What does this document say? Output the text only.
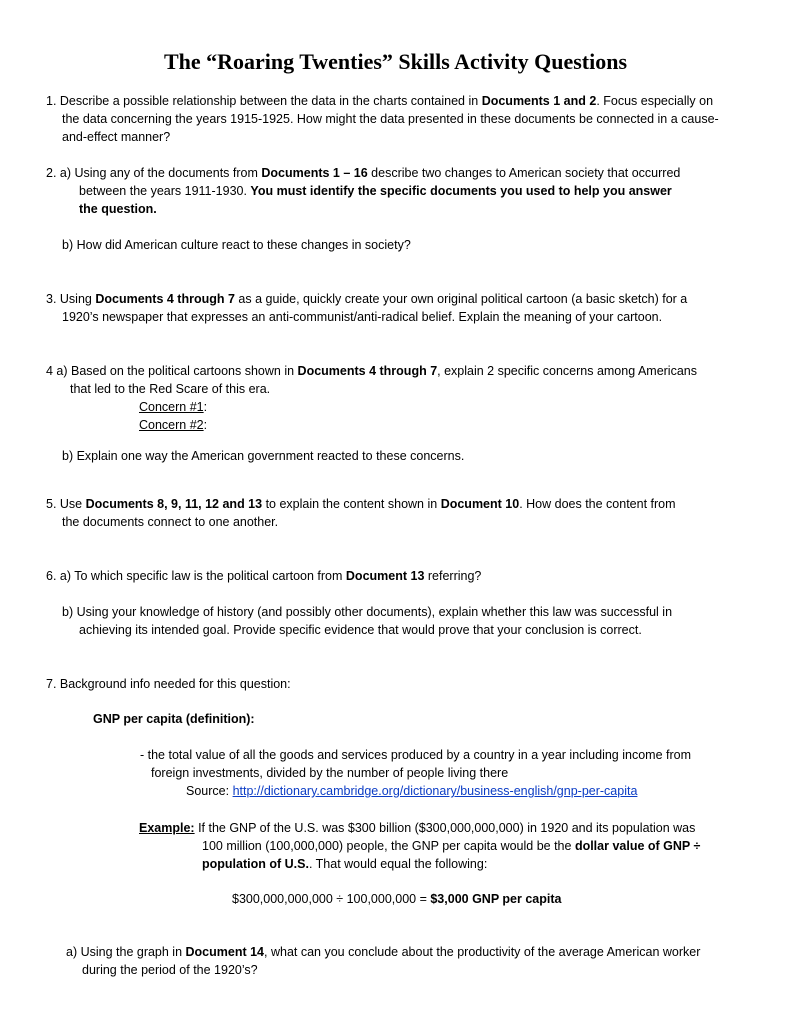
The “Roaring Twenties” Skills Activity Questions
1. Describe a possible relationship between the data in the charts contained in Documents 1 and 2. Focus especially on
the data concerning the years 1915-1925. How might the data presented in these documents be connected in a cause-
and-effect manner?
2. a) Using any of the documents from Documents 1 – 16 describe two changes to American society that occurred
between the years 1911-1930. You must identify the specific documents you used to help you answer
the question.
b) How did American culture react to these changes in society?
3. Using Documents 4 through 7 as a guide, quickly create your own original political cartoon (a basic sketch) for a
1920’s newspaper that expresses an anti-communist/anti-radical belief. Explain the meaning of your cartoon.
4 a) Based on the political cartoons shown in Documents 4 through 7, explain 2 specific concerns among Americans
that led to the Red Scare of this era.
Concern #1:
Concern #2:
b) Explain one way the American government reacted to these concerns.
5. Use Documents 8, 9, 11, 12 and 13 to explain the content shown in Document 10. How does the content from
the documents connect to one another.
6. a) To which specific law is the political cartoon from Document 13 referring?
b) Using your knowledge of history (and possibly other documents), explain whether this law was successful in
achieving its intended goal. Provide specific evidence that would prove that your conclusion is correct.
7. Background info needed for this question:
GNP per capita (definition):
- the total value of all the goods and services produced by a country in a year including income from
foreign investments, divided by the number of people living there
Source: http://dictionary.cambridge.org/dictionary/business-english/gnp-per-capita
Example: If the GNP of the U.S. was $300 billion ($300,000,000,000) in 1920 and its population was
100 million (100,000,000) people, the GNP per capita would be the dollar value of GNP ÷
population of U.S.. That would equal the following:
$300,000,000,000 ÷ 100,000,000 = $3,000 GNP per capita
a) Using the graph in Document 14, what can you conclude about the productivity of the average American worker
during the period of the 1920’s?
